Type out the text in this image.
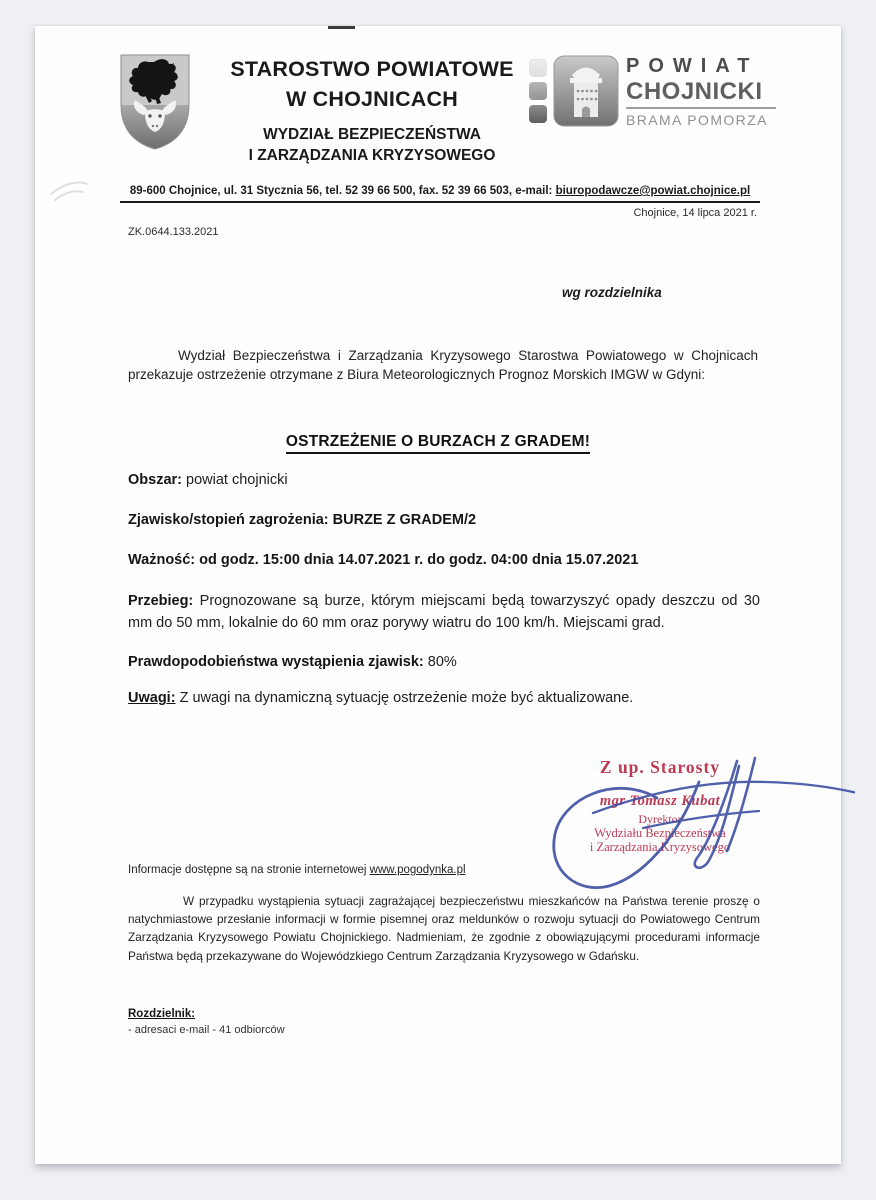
STAROSTWO POWIATOWE
W CHOJNICACH
WYDZIAŁ BEZPIECZEŃSTWA
I ZARZĄDZANIA KRYZYSOWEGO
POWIAT
CHOJNICKI
BRAMA POMORZA
89-600 Chojnice, ul. 31 Stycznia 56, tel. 52 39 66 500, fax. 52 39 66 503, e-mail: biuropodawcze@powiat.chojnice.pl
Chojnice, 14 lipca 2021 r.
ZK.0644.133.2021
wg rozdzielnika

Wydział Bezpieczeństwa i Zarządzania Kryzysowego Starostwa Powiatowego w Chojnicach przekazuje ostrzeżenie otrzymane z Biura Meteorologicznych Prognoz Morskich IMGW w Gdyni:

OSTRZEŻENIE O BURZACH Z GRADEM!
Obszar: powiat chojnicki
Zjawisko/stopień zagrożenia: BURZE Z GRADEM/2
Ważność: od godz. 15:00 dnia 14.07.2021 r. do godz. 04:00 dnia 15.07.2021

Przebieg: Prognozowane są burze, którym miejscami będą towarzyszyć opady deszczu od 30 mm do 50 mm, lokalnie do 60 mm oraz porywy wiatru do 100 km/h. Miejscami grad.

Prawdopodobieństwa wystąpienia zjawisk: 80%
Uwagi: Z uwagi na dynamiczną sytuację ostrzeżenie może być aktualizowane.
Z up. Starosty
mgr Tomasz Kubat
Dyrektor
Wydziału Bezpieczeństwa
i Zarządzania Kryzysowego
Informacje dostępne są na stronie internetowej www.pogodynka.pl

W przypadku wystąpienia sytuacji zagrażającej bezpieczeństwu mieszkańców na Państwa terenie proszę o natychmiastowe przesłanie informacji w formie pisemnej oraz meldunków o rozwoju sytuacji do Powiatowego Centrum Zarządzania Kryzysowego Powiatu Chojnickiego. Nadmieniam, że zgodnie z obowiązującymi procedurami informacje Państwa będą przekazywane do Wojewódzkiego Centrum Zarządzania Kryzysowego w Gdańsku.

Rozdzielnik:
- adresaci e-mail - 41 odbiorców
